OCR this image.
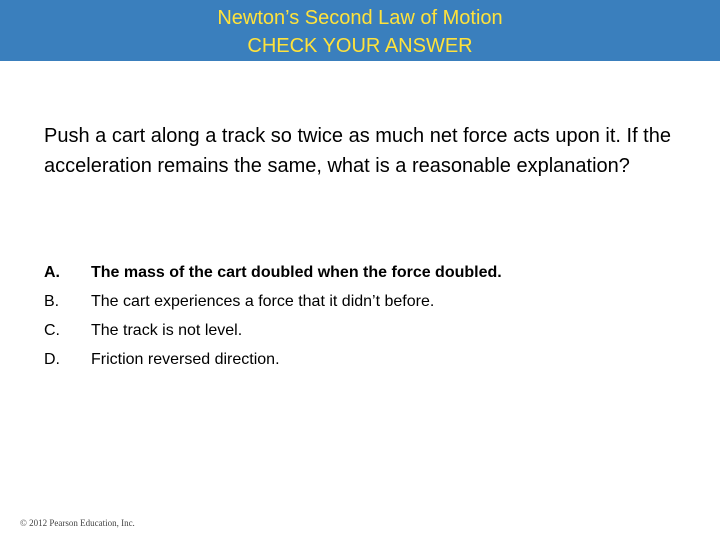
Newton’s Second Law of Motion
CHECK YOUR ANSWER
Push a cart along a track so twice as much net force acts upon it. If the acceleration remains the same, what is a reasonable explanation?
A.	The mass of the cart doubled when the force doubled.
B.	The cart experiences a force that it didn’t before.
C.	The track is not level.
D.	Friction reversed direction.
© 2012 Pearson Education, Inc.
